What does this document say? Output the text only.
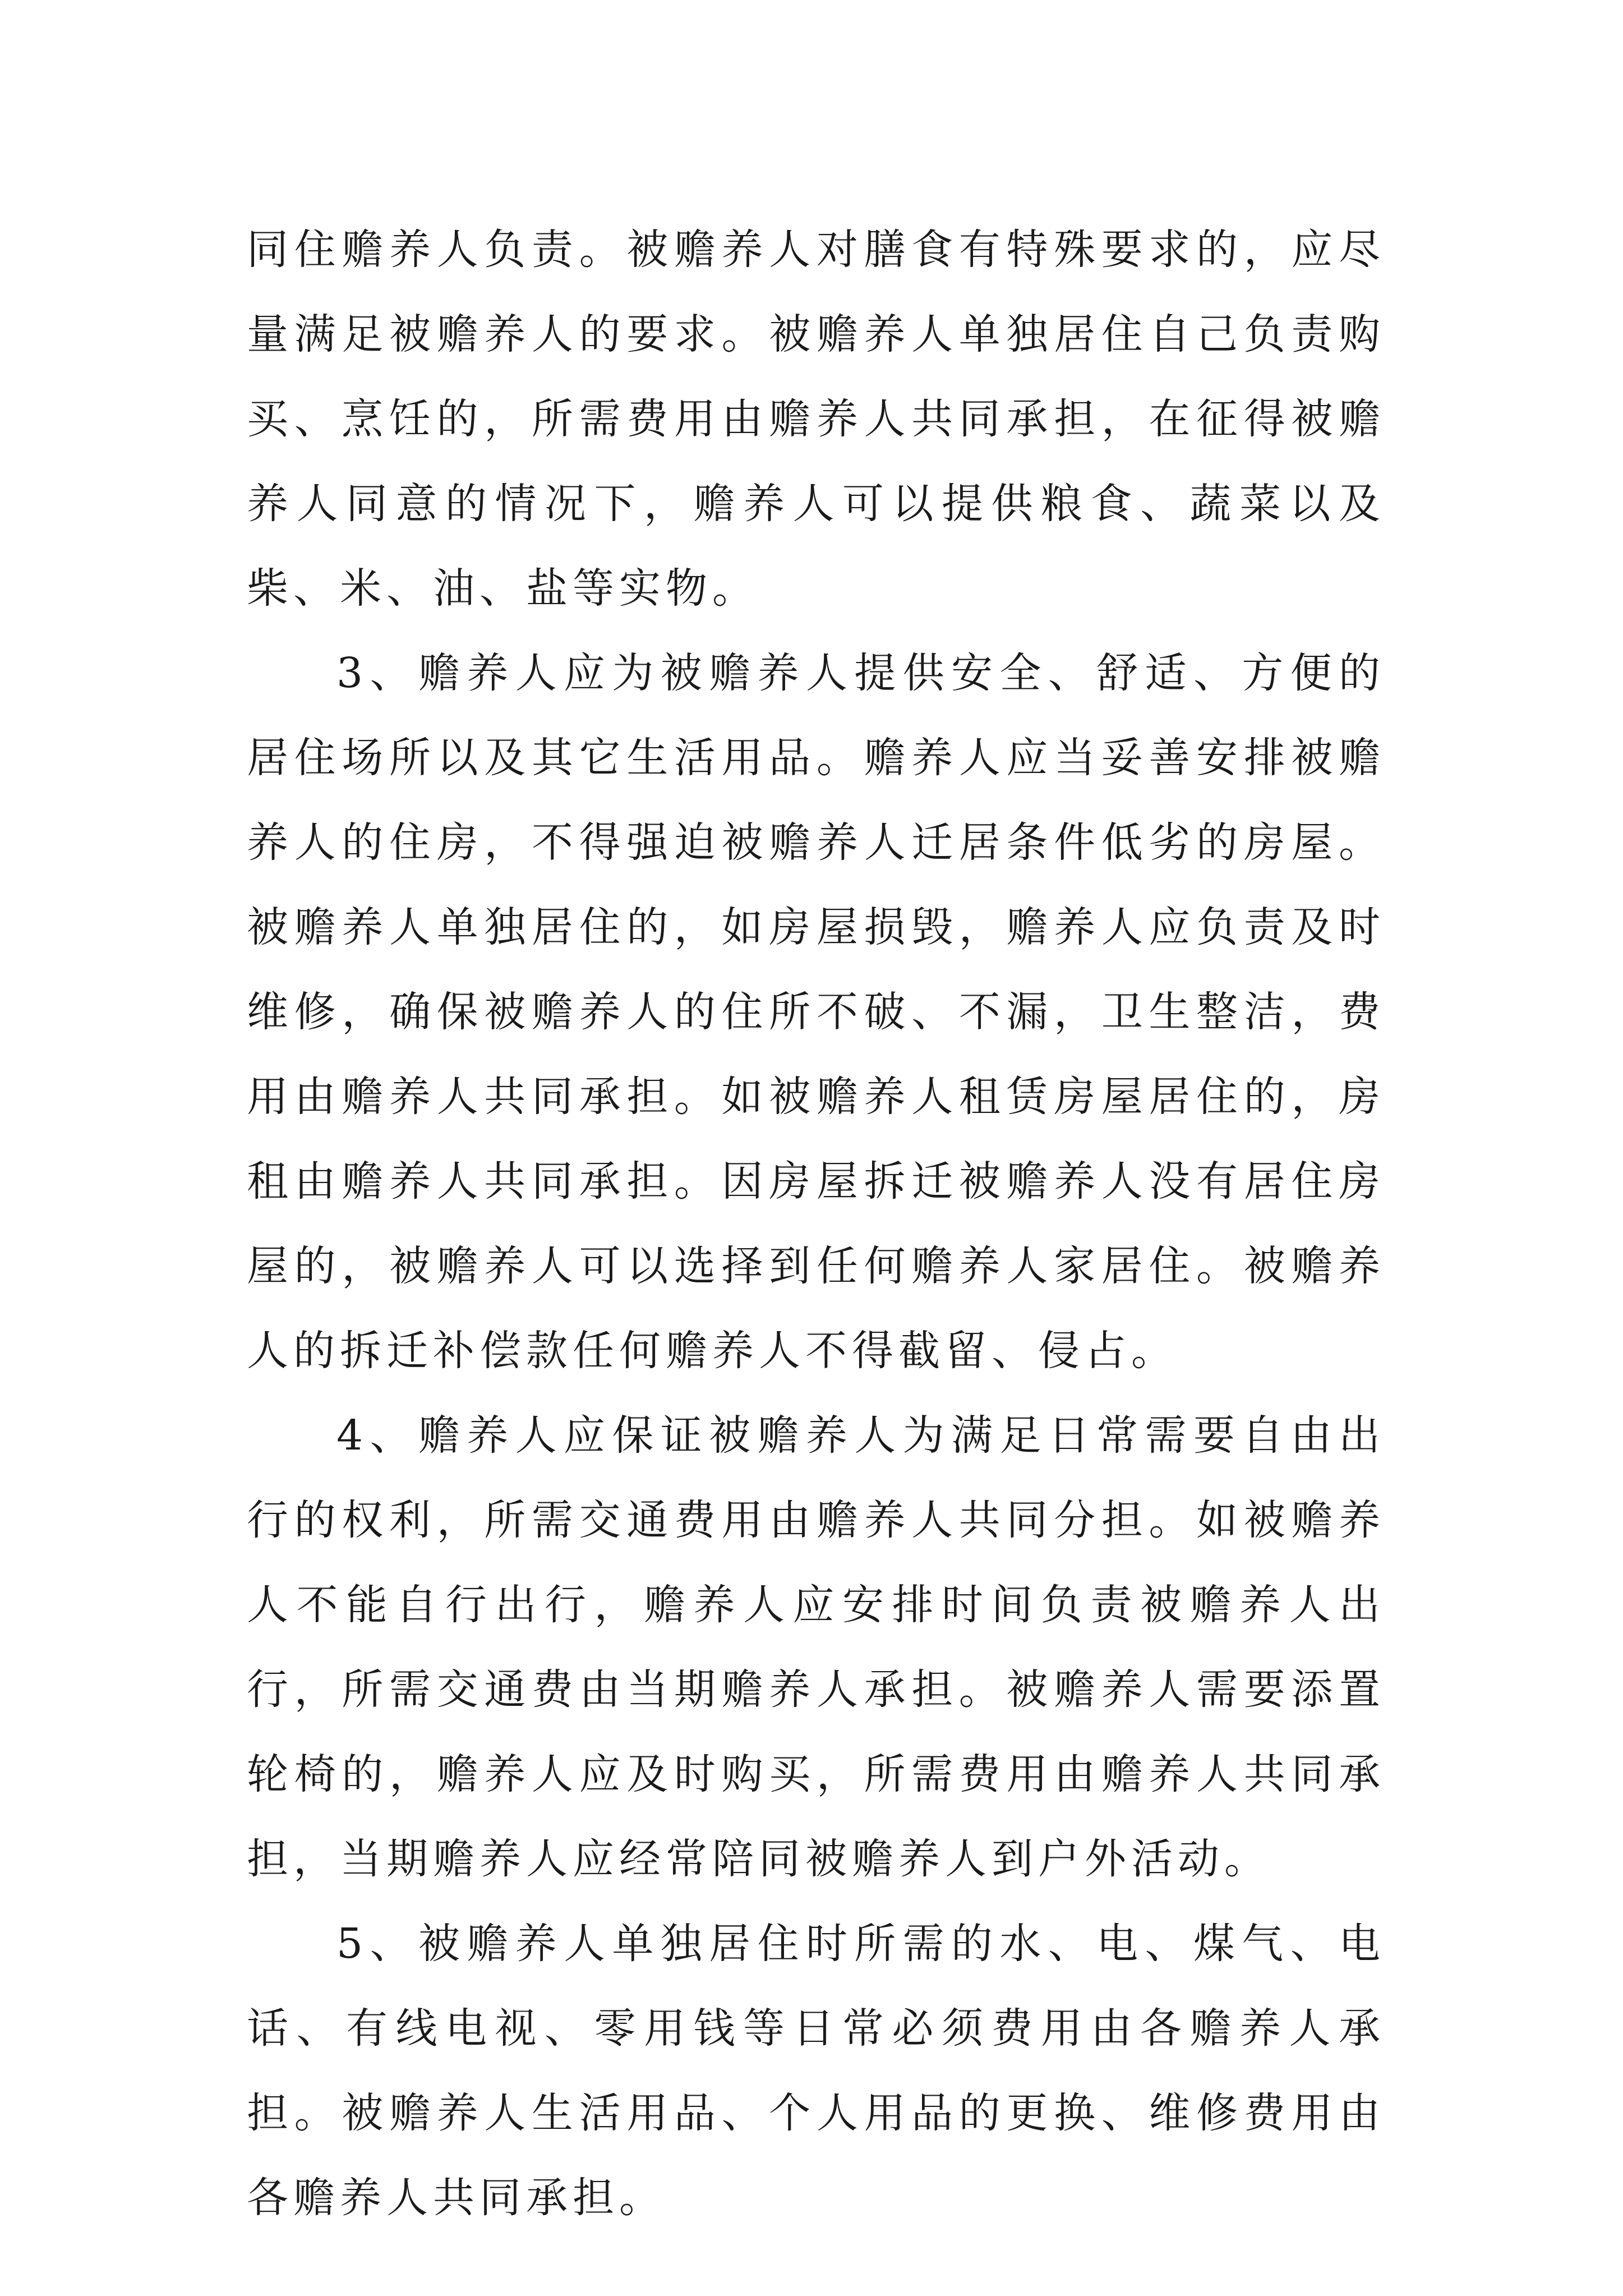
同住赡养人负责。被赡养人对膳食有特殊要求的，应尽量满足被赡养人的要求。被赡养人单独居住自己负责购买、烹饪的，所需费用由赡养人共同承担，在征得被赡养人同意的情况下，赡养人可以提供粮食、蔬菜以及柴、米、油、盐等实物。

3、赡养人应为被赡养人提供安全、舒适、方便的居住场所以及其它生活用品。赡养人应当妥善安排被赡养人的住房，不得强迫被赡养人迁居条件低劣的房屋。被赡养人单独居住的，如房屋损毁，赡养人应负责及时维修，确保被赡养人的住所不破、不漏，卫生整洁，费用由赡养人共同承担。如被赡养人租赁房屋居住的，房租由赡养人共同承担。因房屋拆迁被赡养人没有居住房屋的，被赡养人可以选择到任何赡养人家居住。被赡养人的拆迁补偿款任何赡养人不得截留、侵占。

4、赡养人应保证被赡养人为满足日常需要自由出行的权利，所需交通费用由赡养人共同分担。如被赡养人不能自行出行，赡养人应安排时间负责被赡养人出行，所需交通费由当期赡养人承担。被赡养人需要添置轮椅的，赡养人应及时购买，所需费用由赡养人共同承担，当期赡养人应经常陪同被赡养人到户外活动。

5、被赡养人单独居住时所需的水、电、煤气、电话、有线电视、零用钱等日常必须费用由各赡养人承担。被赡养人生活用品、个人用品的更换、维修费用由各赡养人共同承担。
